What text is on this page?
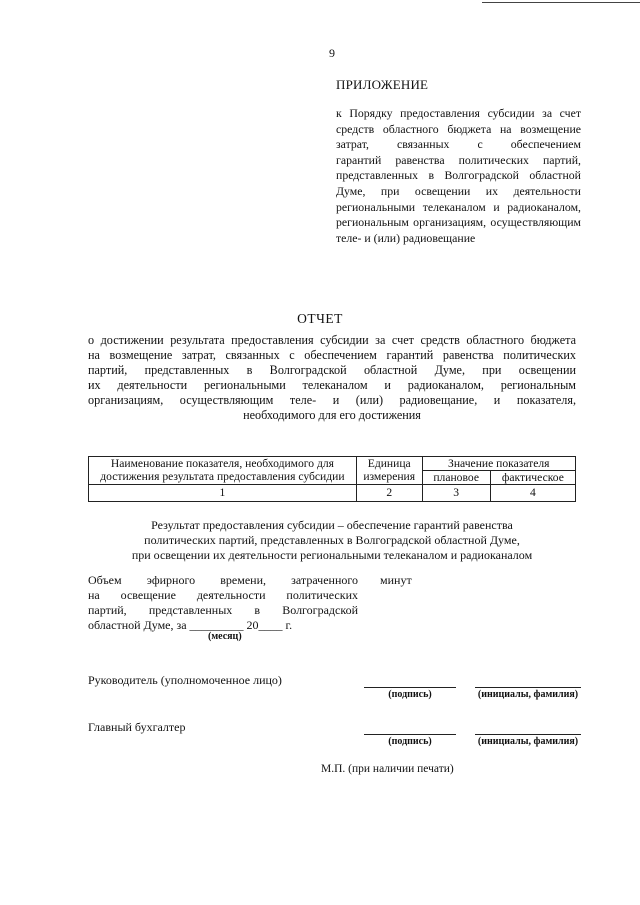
9
ПРИЛОЖЕНИЕ
к Порядку предоставления субсидии за счет
средств областного бюджета на возмещение
затрат, связанных с обеспечением
гарантий равенства политических партий,
представленных в Волгоградской областной
Думе, при освещении их деятельности
региональными телеканалом и радиоканалом,
региональным организациям, осуществляющим
теле- и (или) радиовещание
ОТЧЕТ
о достижении результата предоставления субсидии за счет средств областного бюджета
на возмещение затрат, связанных с обеспечением гарантий равенства политических
партий, представленных в Волгоградской областной Думе, при освещении
их деятельности региональными телеканалом и радиоканалом, региональным
организациям, осуществляющим теле- и (или) радиовещание, и показателя,
необходимого для его достижения
Наименование показателя, необходимого для достижения результата предоставления субсидии	Единица измерения	Значение показателя	
		плановое	фактическое
1	2	3	4
Результат предоставления субсидии – обеспечение гарантий равенства
политических партий, представленных в Волгоградской областной Думе,
при освещении их деятельности региональными телеканалом и радиоканалом
Объем эфирного времени, затраченного
на освещение деятельности политических
партий, представленных в Волгоградской
областной Думе, за _________ 20____ г.
минут
(месяц)
Руководитель (уполномоченное лицо)
(подпись)	(инициалы, фамилия)
Главный бухгалтер
(подпись)	(инициалы, фамилия)
М.П. (при наличии печати)
